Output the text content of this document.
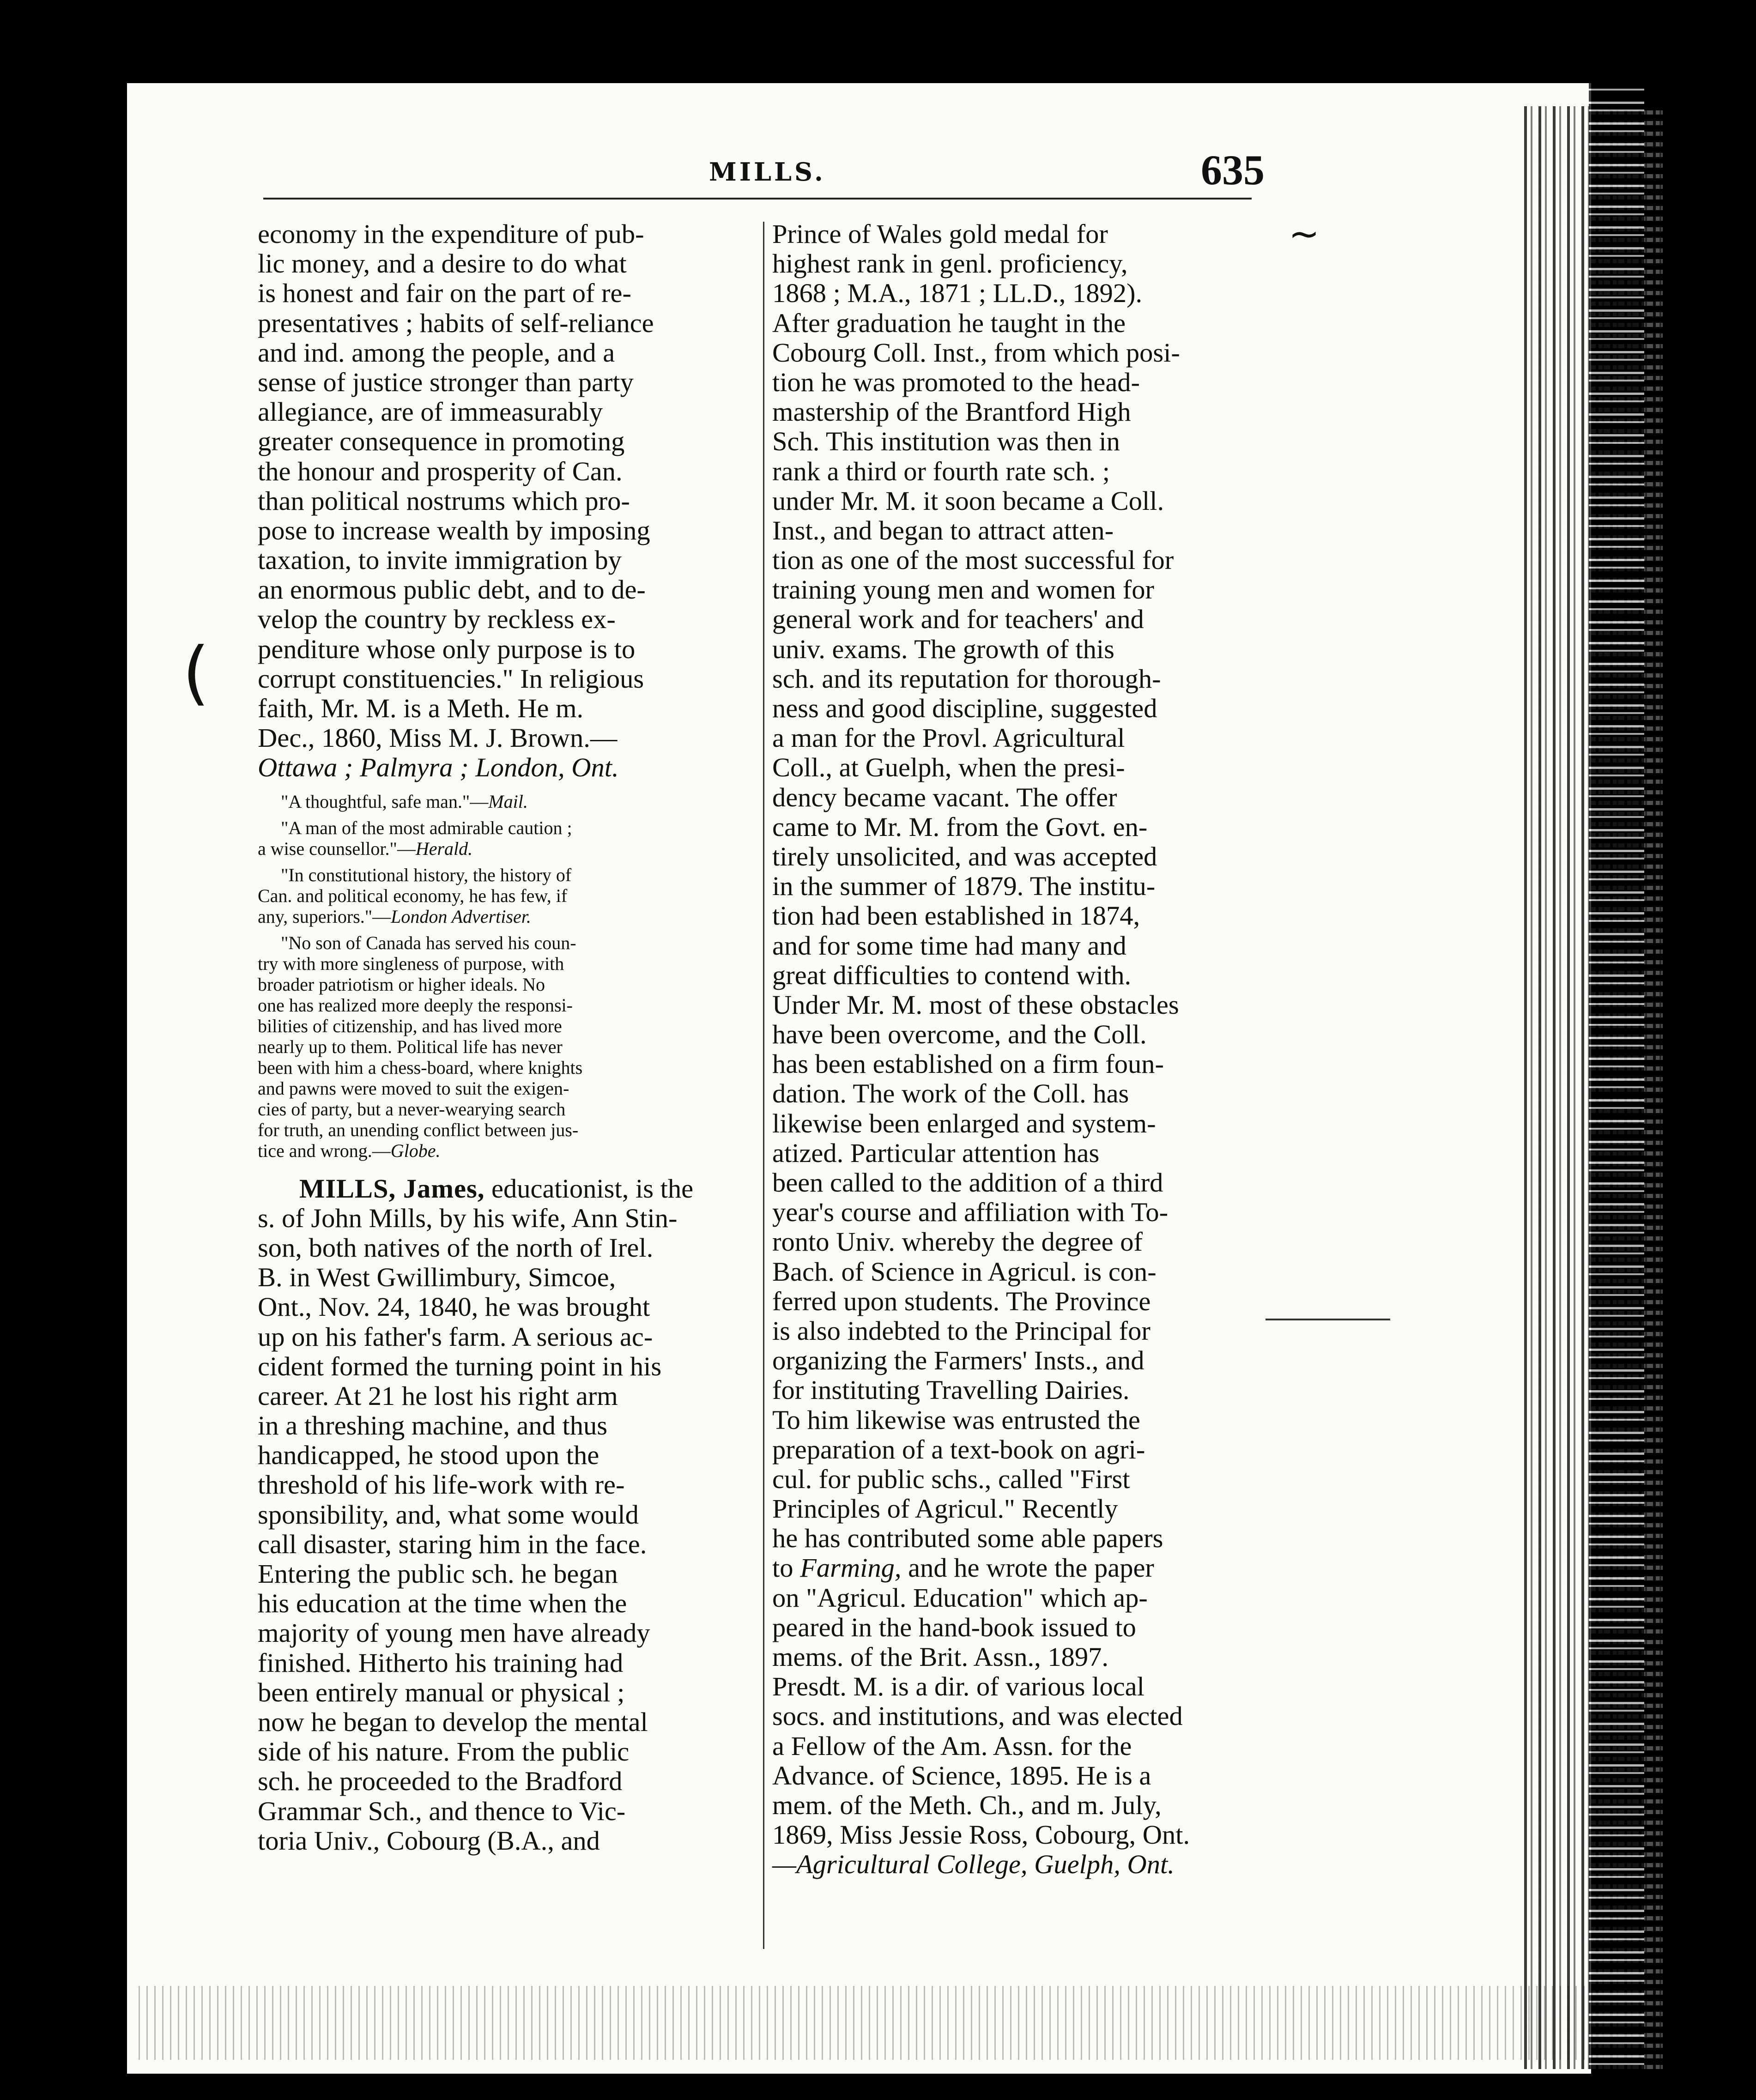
MILLS.	635
(
~
economy in the expenditure of pub-
lic money, and a desire to do what
is honest and fair on the part of re-
presentatives ; habits of self-reliance
and ind. among the people, and a
sense of justice stronger than party
allegiance, are of immeasurably
greater consequence in promoting
the honour and prosperity of Can.
than political nostrums which pro-
pose to increase wealth by imposing
taxation, to invite immigration by
an enormous public debt, and to de-
velop the country by reckless ex-
penditure whose only purpose is to
corrupt constituencies." In religious
faith, Mr. M. is a Meth. He m.
Dec., 1860, Miss M. J. Brown.—
Ottawa ; Palmyra ; London, Ont.
"A thoughtful, safe man."—Mail.
"A man of the most admirable caution ;
a wise counsellor."—Herald.
"In constitutional history, the history of
Can. and political economy, he has few, if
any, superiors."—London Advertiser.
"No son of Canada has served his coun-
try with more singleness of purpose, with
broader patriotism or higher ideals. No
one has realized more deeply the responsi-
bilities of citizenship, and has lived more
nearly up to them. Political life has never
been with him a chess-board, where knights
and pawns were moved to suit the exigen-
cies of party, but a never-wearying search
for truth, an unending conflict between jus-
tice and wrong.—Globe.
MILLS, James, educationist, is the
s. of John Mills, by his wife, Ann Stin-
son, both natives of the north of Irel.
B. in West Gwillimbury, Simcoe,
Ont., Nov. 24, 1840, he was brought
up on his father's farm. A serious ac-
cident formed the turning point in his
career. At 21 he lost his right arm
in a threshing machine, and thus
handicapped, he stood upon the
threshold of his life-work with re-
sponsibility, and, what some would
call disaster, staring him in the face.
Entering the public sch. he began
his education at the time when the
majority of young men have already
finished. Hitherto his training had
been entirely manual or physical ;
now he began to develop the mental
side of his nature. From the public
sch. he proceeded to the Bradford
Grammar Sch., and thence to Vic-
toria Univ., Cobourg (B.A., and
Prince of Wales gold medal for
highest rank in genl. proficiency,
1868 ; M.A., 1871 ; LL.D., 1892).
After graduation he taught in the
Cobourg Coll. Inst., from which posi-
tion he was promoted to the head-
mastership of the Brantford High
Sch. This institution was then in
rank a third or fourth rate sch. ;
under Mr. M. it soon became a Coll.
Inst., and began to attract atten-
tion as one of the most successful for
training young men and women for
general work and for teachers' and
univ. exams. The growth of this
sch. and its reputation for thorough-
ness and good discipline, suggested
a man for the Provl. Agricultural
Coll., at Guelph, when the presi-
dency became vacant. The offer
came to Mr. M. from the Govt. en-
tirely unsolicited, and was accepted
in the summer of 1879. The institu-
tion had been established in 1874,
and for some time had many and
great difficulties to contend with.
Under Mr. M. most of these obstacles
have been overcome, and the Coll.
has been established on a firm foun-
dation. The work of the Coll. has
likewise been enlarged and system-
atized. Particular attention has
been called to the addition of a third
year's course and affiliation with To-
ronto Univ. whereby the degree of
Bach. of Science in Agricul. is con-
ferred upon students. The Province
is also indebted to the Principal for
organizing the Farmers' Insts., and
for instituting Travelling Dairies.
To him likewise was entrusted the
preparation of a text-book on agri-
cul. for public schs., called "First
Principles of Agricul." Recently
he has contributed some able papers
to Farming, and he wrote the paper
on "Agricul. Education" which ap-
peared in the hand-book issued to
mems. of the Brit. Assn., 1897.
Presdt. M. is a dir. of various local
socs. and institutions, and was elected
a Fellow of the Am. Assn. for the
Advance. of Science, 1895. He is a
mem. of the Meth. Ch., and m. July,
1869, Miss Jessie Ross, Cobourg, Ont.
—Agricultural College, Guelph, Ont.
